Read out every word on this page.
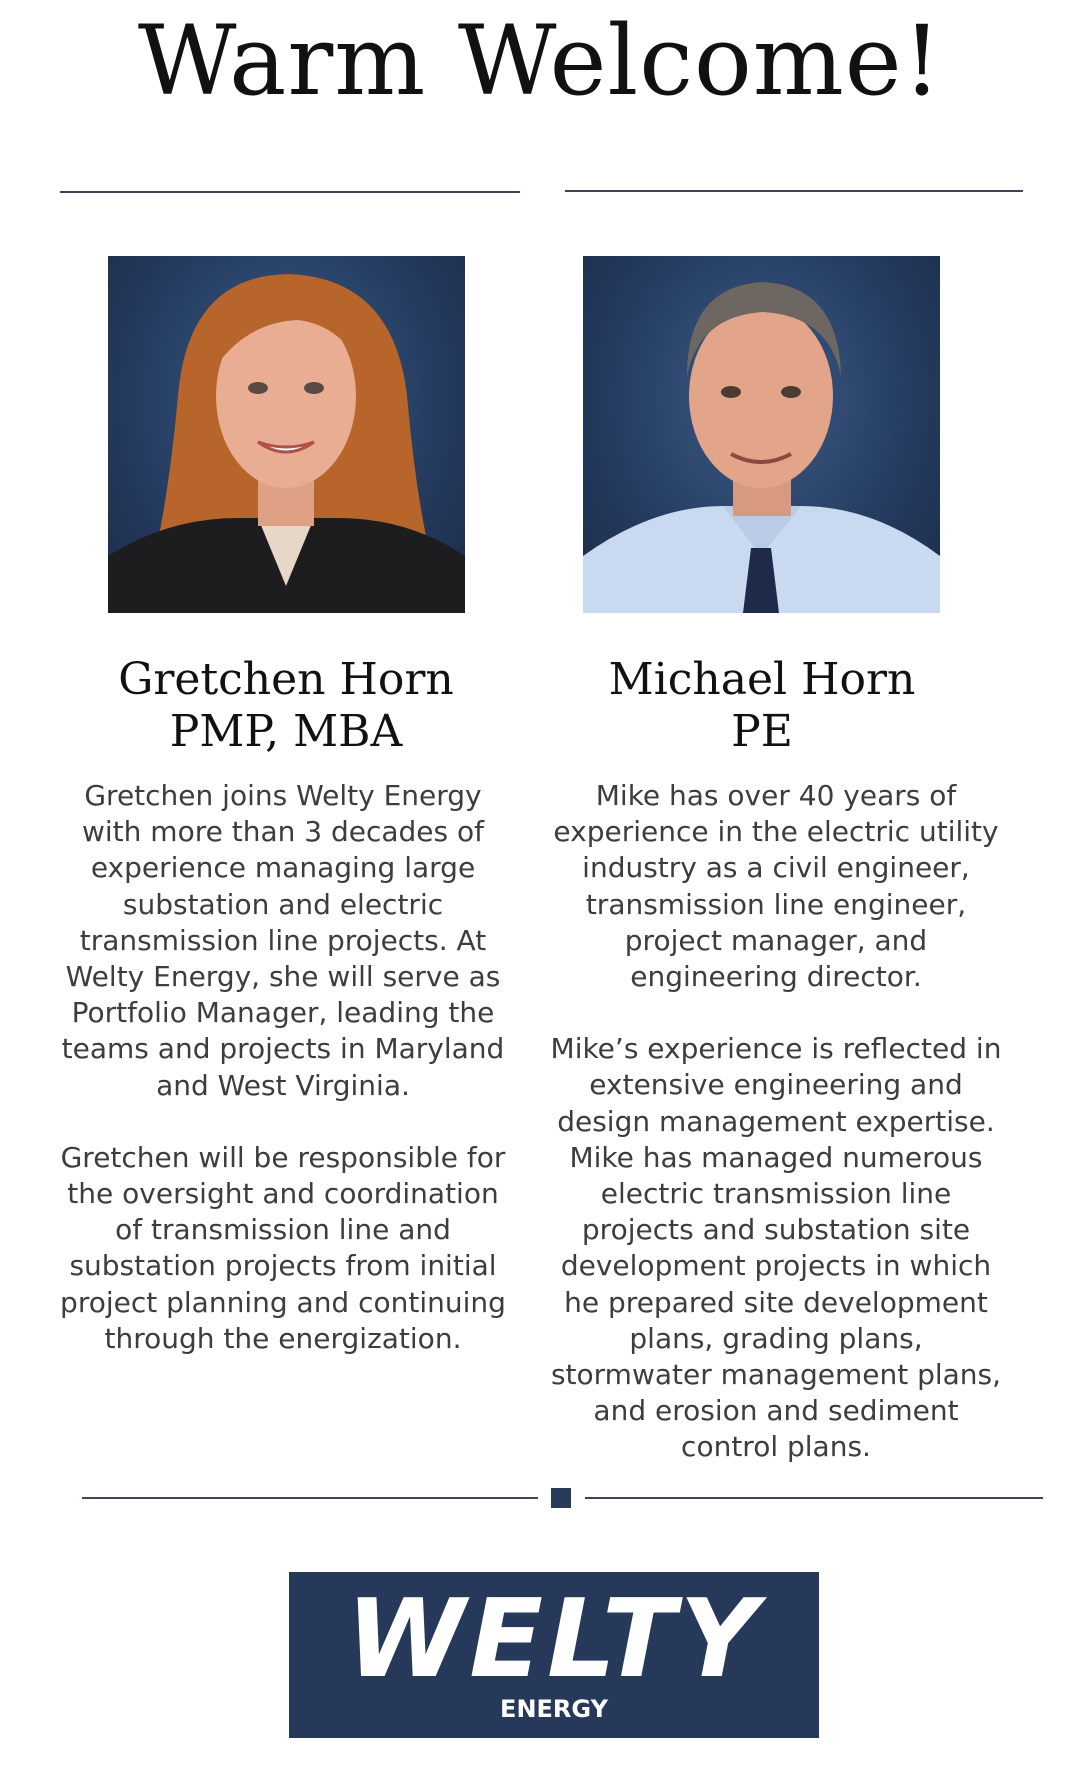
Warm Welcome!
Gretchen Horn
PMP, MBA

Gretchen joins Welty Energy with more than 3 decades of experience managing large substation and electric transmission line projects. At Welty Energy, she will serve as Portfolio Manager, leading the teams and projects in Maryland and West Virginia.

Gretchen will be responsible for the oversight and coordination of transmission line and substation projects from initial project planning and continuing through the energization.

Michael Horn
PE

Mike has over 40 years of experience in the electric utility industry as a civil engineer, transmission line engineer, project manager, and engineering director.

Mike’s experience is reflected in extensive engineering and design management expertise. Mike has managed numerous electric transmission line projects and substation site development projects in which he prepared site development plans, grading plans, stormwater management plans, and erosion and sediment control plans.

WELTY
ENERGY
